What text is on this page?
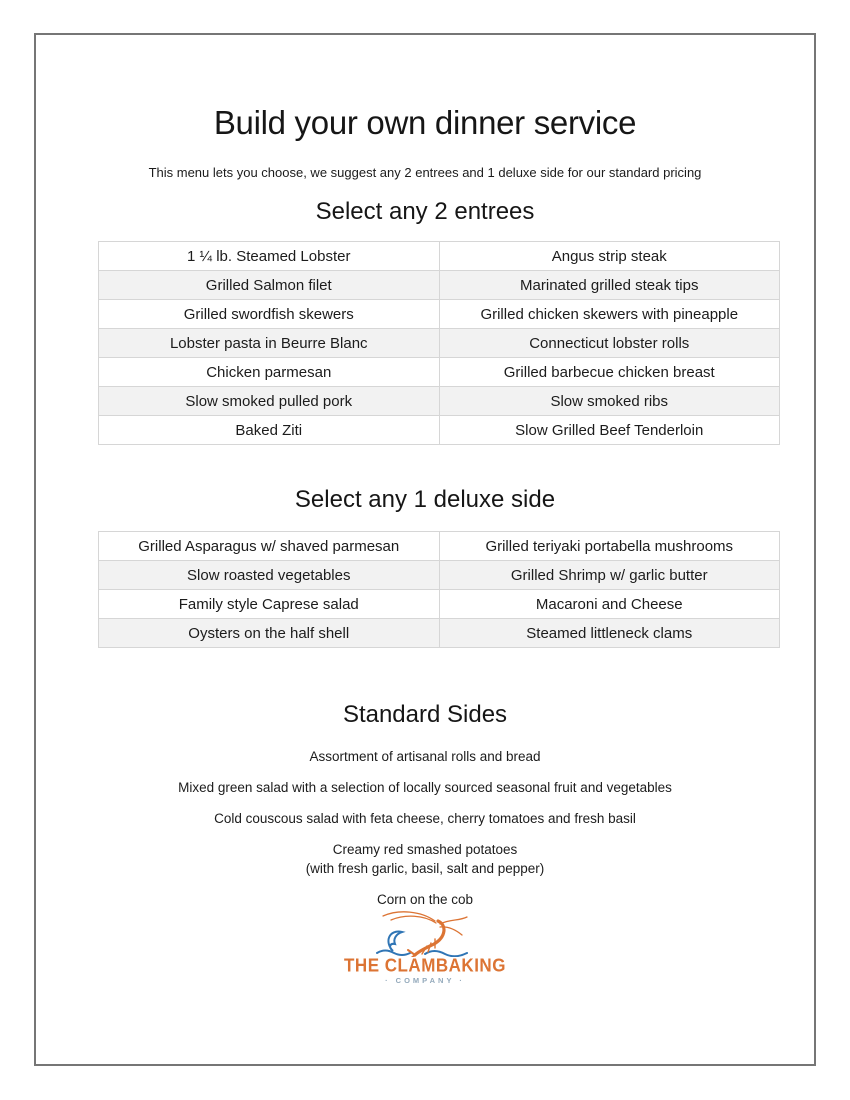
Build your own dinner service

This menu lets you choose, we suggest any 2 entrees and 1 deluxe side for our standard pricing

Select any 2 entrees
1 ¼ lb. Steamed Lobster	Angus strip steak
Grilled Salmon filet	Marinated grilled steak tips
Grilled swordfish skewers	Grilled chicken skewers with pineapple
Lobster pasta in Beurre Blanc	Connecticut lobster rolls
Chicken parmesan	Grilled barbecue chicken breast
Slow smoked pulled pork	Slow smoked ribs
Baked Ziti	Slow Grilled Beef Tenderloin
Select any 1 deluxe side
Grilled Asparagus w/ shaved parmesan	Grilled teriyaki portabella mushrooms
Slow roasted vegetables	Grilled Shrimp w/ garlic butter
Family style Caprese salad	Macaroni and Cheese
Oysters on the half shell	Steamed littleneck clams
Standard Sides

Assortment of artisanal rolls and bread

Mixed green salad with a selection of locally sourced seasonal fruit and vegetables

Cold couscous salad with feta cheese, cherry tomatoes and fresh basil

Creamy red smashed potatoes
(with fresh garlic, basil, salt and pepper)

Corn on the cob

THE CLAMBAKING
· COMPANY ·
